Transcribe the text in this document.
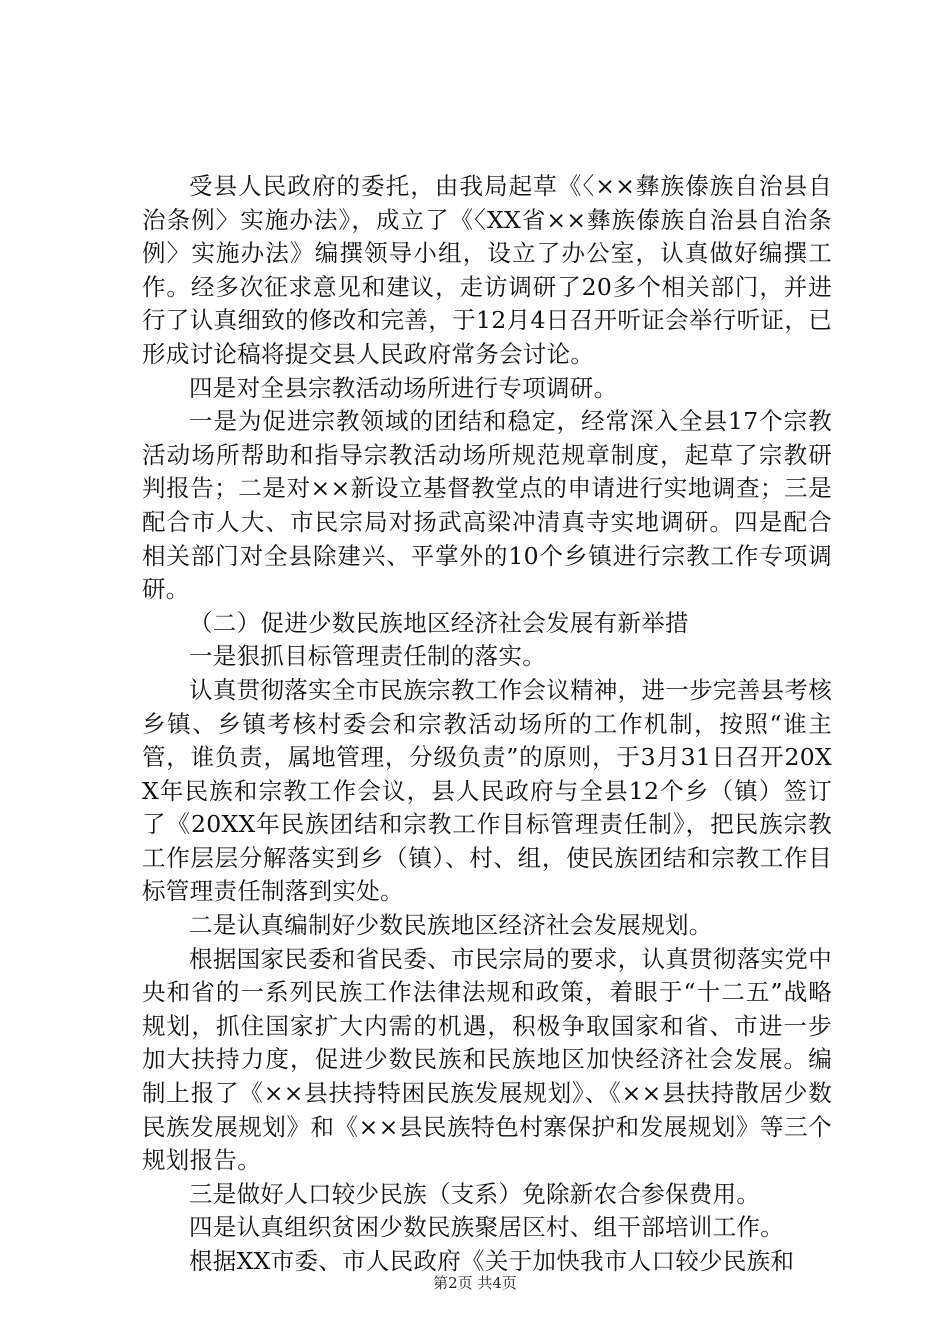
受县人民政府的委托，由我局起草《〈××彝族傣族自治县自治条例〉实施办法》，成立了《〈XX省××彝族傣族自治县自治条例〉实施办法》编撰领导小组，设立了办公室，认真做好编撰工作。经多次征求意见和建议，走访调研了20多个相关部门，并进行了认真细致的修改和完善，于12月4日召开听证会举行听证，已形成讨论稿将提交县人民政府常务会讨论。

四是对全县宗教活动场所进行专项调研。

一是为促进宗教领域的团结和稳定，经常深入全县17个宗教活动场所帮助和指导宗教活动场所规范规章制度，起草了宗教研判报告；二是对××新设立基督教堂点的申请进行实地调查；三是配合市人大、市民宗局对扬武高梁冲清真寺实地调研。四是配合相关部门对全县除建兴、平掌外的10个乡镇进行宗教工作专项调研。

（二）促进少数民族地区经济社会发展有新举措

一是狠抓目标管理责任制的落实。

认真贯彻落实全市民族宗教工作会议精神，进一步完善县考核乡镇、乡镇考核村委会和宗教活动场所的工作机制，按照“谁主管，谁负责，属地管理，分级负责”的原则，于3月31日召开20XX年民族和宗教工作会议，县人民政府与全县12个乡（镇）签订了《20XX年民族团结和宗教工作目标管理责任制》，把民族宗教工作层层分解落实到乡（镇）、村、组，使民族团结和宗教工作目标管理责任制落到实处。

二是认真编制好少数民族地区经济社会发展规划。

根据国家民委和省民委、市民宗局的要求，认真贯彻落实党中央和省的一系列民族工作法律法规和政策，着眼于“十二五”战略规划，抓住国家扩大内需的机遇，积极争取国家和省、市进一步加大扶持力度，促进少数民族和民族地区加快经济社会发展。编制上报了《××县扶持特困民族发展规划》、《××县扶持散居少数民族发展规划》和《××县民族特色村寨保护和发展规划》等三个规划报告。

三是做好人口较少民族（支系）免除新农合参保费用。

四是认真组织贫困少数民族聚居区村、组干部培训工作。

根据XX市委、市人民政府《关于加快我市人口较少民族和

第2页 共4页
